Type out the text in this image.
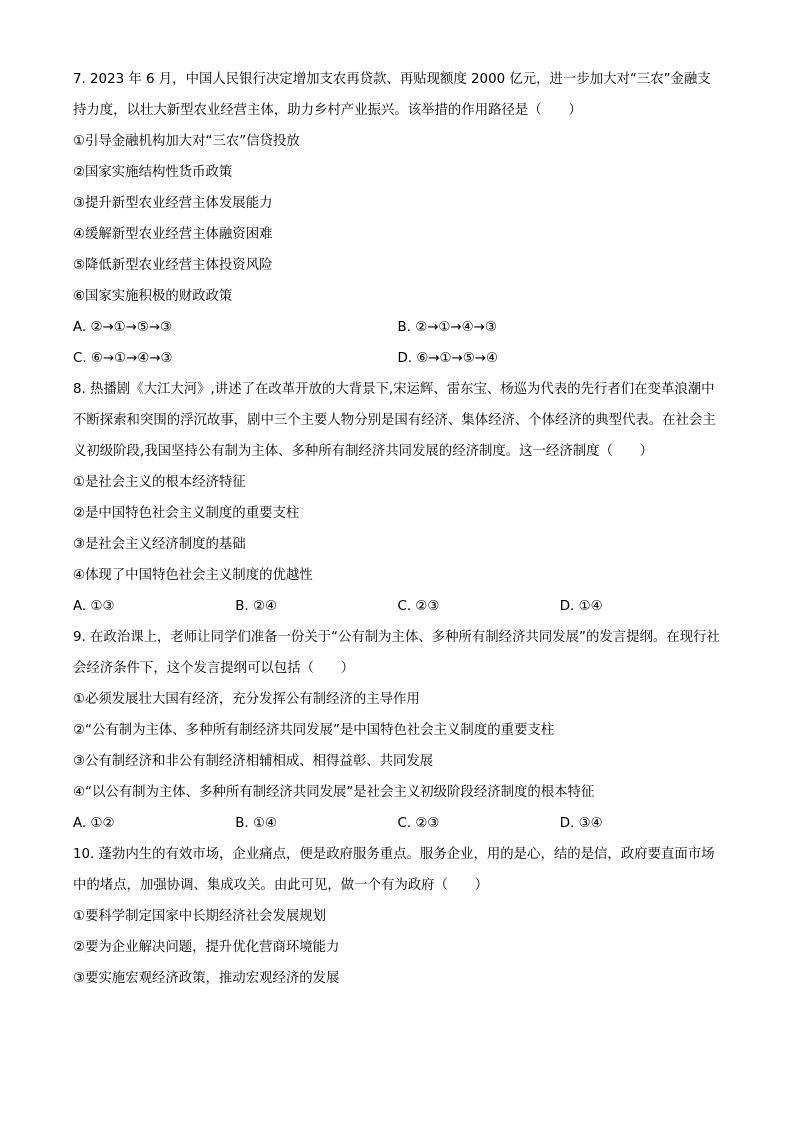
7. 2023 年 6 月，中国人民银行决定增加支农再贷款、再贴现额度 2000 亿元，进一步加大对“三农”金融支持力度，以壮大新型农业经营主体，助力乡村产业振兴。该举措的作用路径是（　　）

①引导金融机构加大对“三农”信贷投放

②国家实施结构性货币政策

③提升新型农业经营主体发展能力

④缓解新型农业经营主体融资困难

⑤降低新型农业经营主体投资风险

⑥国家实施积极的财政政策

A. ②→①→⑤→③	B. ②→①→④→③
C. ⑥→①→④→③	D. ⑥→①→⑤→④

8. 热播剧《大江大河》,讲述了在改革开放的大背景下,宋运辉、雷东宝、杨巡为代表的先行者们在变革浪潮中不断探索和突围的浮沉故事，剧中三个主要人物分别是国有经济、集体经济、个体经济的典型代表。在社会主义初级阶段,我国坚持公有制为主体、多种所有制经济共同发展的经济制度。这一经济制度（　　）

①是社会主义的根本经济特征

②是中国特色社会主义制度的重要支柱

③是社会主义经济制度的基础

④体现了中国特色社会主义制度的优越性

A. ①③	B. ②④	C. ②③	D. ①④

9. 在政治课上，老师让同学们准备一份关于“公有制为主体、多种所有制经济共同发展”的发言提纲。在现行社会经济条件下，这个发言提纲可以包括（　　）

①必须发展壮大国有经济，充分发挥公有制经济的主导作用

②“公有制为主体、多种所有制经济共同发展”是中国特色社会主义制度的重要支柱

③公有制经济和非公有制经济相辅相成、相得益彰、共同发展

④“以公有制为主体、多种所有制经济共同发展”是社会主义初级阶段经济制度的根本特征

A. ①②	B. ①④	C. ②③	D. ③④

10. 蓬勃内生的有效市场，企业痛点，便是政府服务重点。服务企业，用的是心，结的是信，政府要直面市场中的堵点，加强协调、集成攻关。由此可见，做一个有为政府（　　）

①要科学制定国家中长期经济社会发展规划

②要为企业解决问题，提升优化营商环境能力

③要实施宏观经济政策，推动宏观经济的发展
